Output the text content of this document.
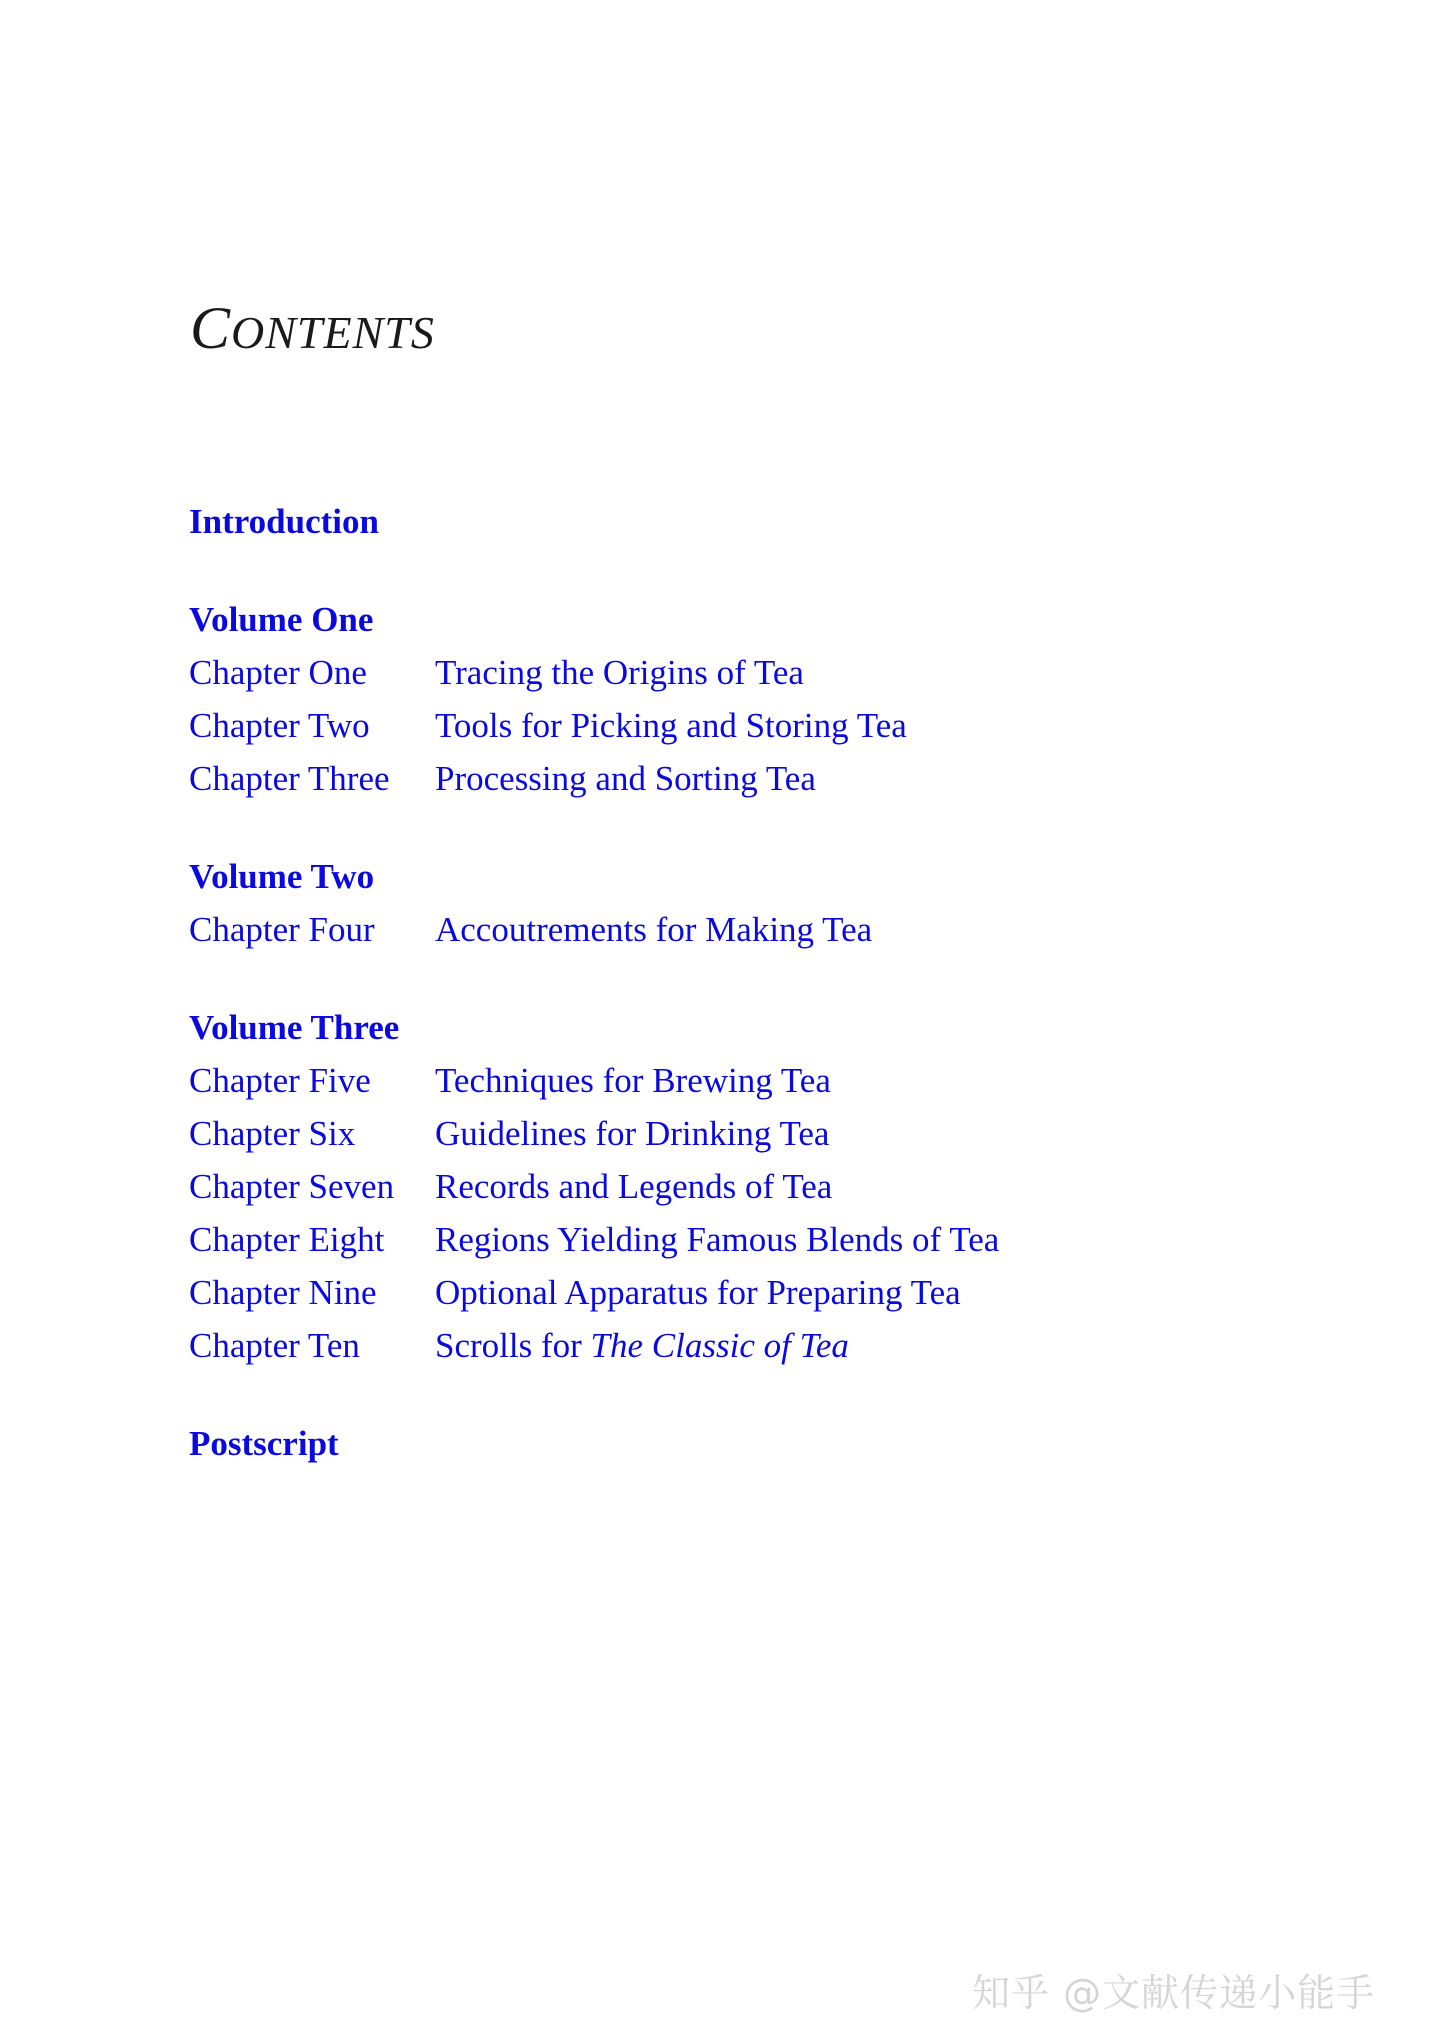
CONTENTS
Introduction
Volume One
Chapter One	Tracing the Origins of Tea
Chapter Two	Tools for Picking and Storing Tea
Chapter Three	Processing and Sorting Tea
Volume Two
Chapter Four	Accoutrements for Making Tea
Volume Three
Chapter Five	Techniques for Brewing Tea
Chapter Six	Guidelines for Drinking Tea
Chapter Seven	Records and Legends of Tea
Chapter Eight	Regions Yielding Famous Blends of Tea
Chapter Nine	Optional Apparatus for Preparing Tea
Chapter Ten	Scrolls for The Classic of Tea
Postscript
知乎 @文献传递小能手
